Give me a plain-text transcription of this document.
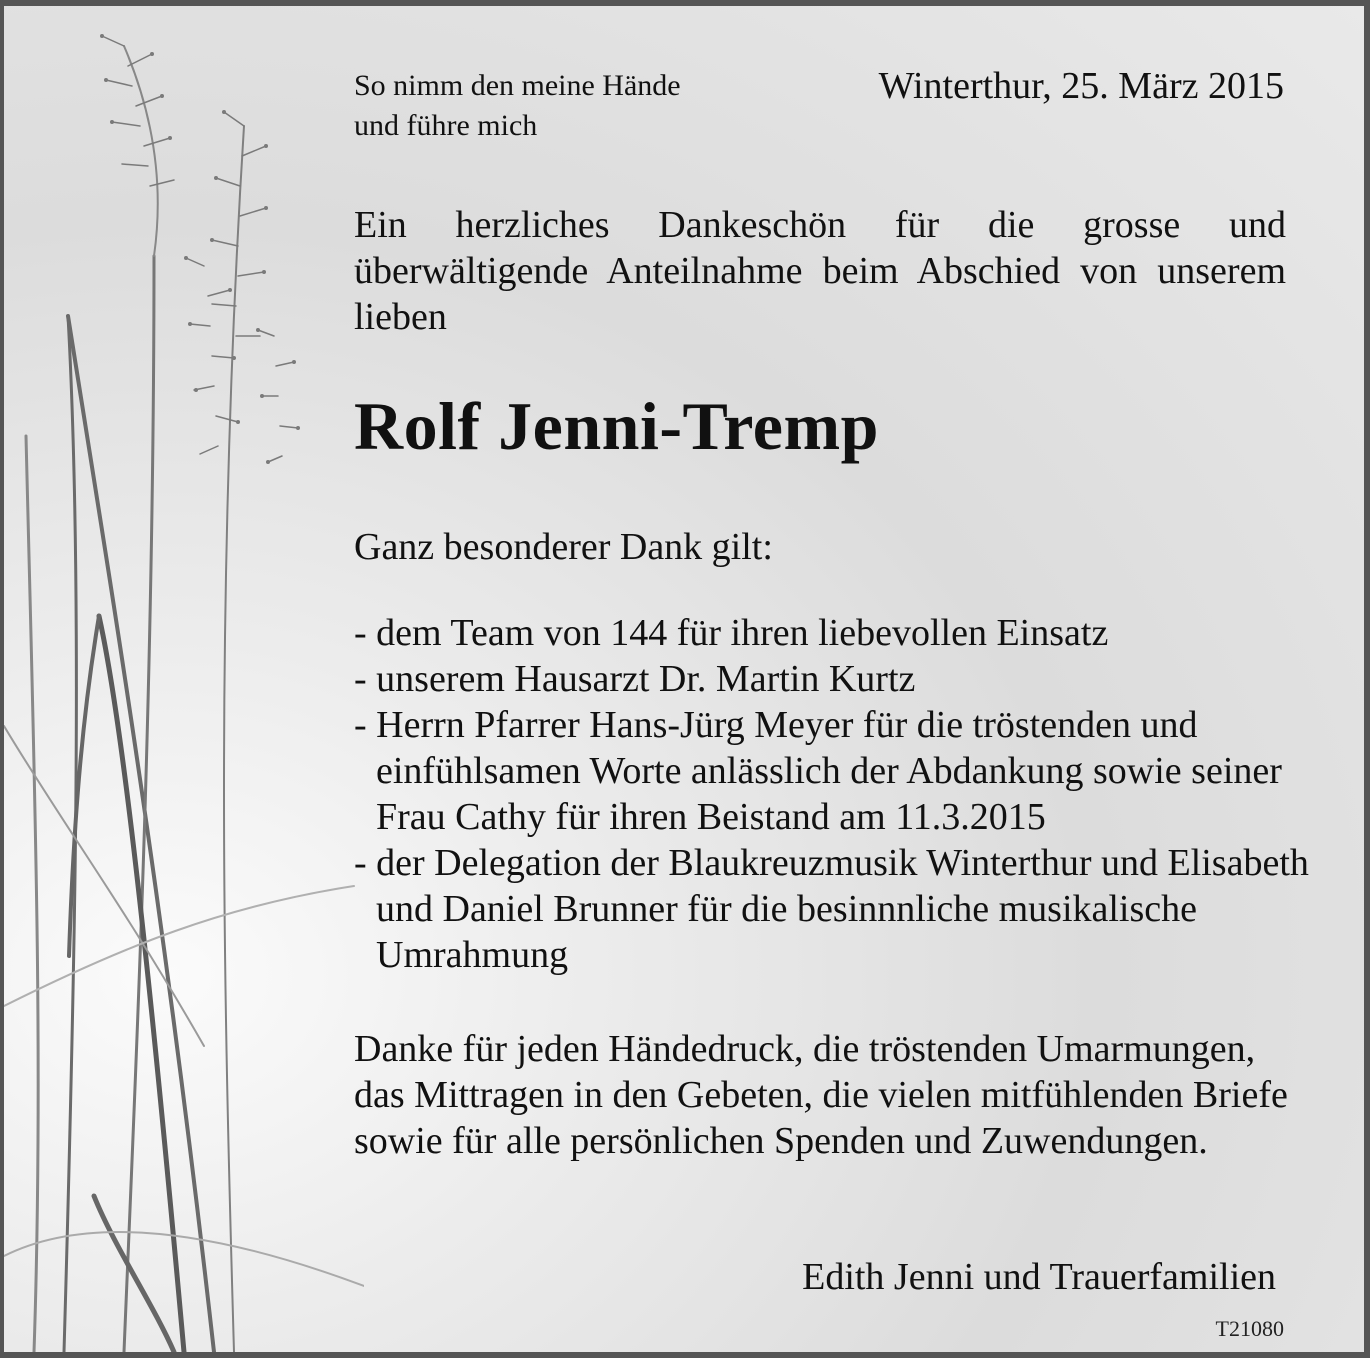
So nimm den meine Hände
und führe mich

Winterthur, 25. März 2015

Ein herzliches Dankeschön für die grosse und überwältigende Anteilnahme beim Abschied von unserem lieben

Rolf Jenni-Tremp

Ganz besonderer Dank gilt:

- dem Team von 144 für ihren liebevollen Einsatz
- unserem Hausarzt Dr. Martin Kurtz
- Herrn Pfarrer Hans-Jürg Meyer für die tröstenden und einfühlsamen Worte anlässlich der Abdankung sowie seiner Frau Cathy für ihren Beistand am 11.3.2015
- der Delegation der Blaukreuzmusik Winterthur und Elisabeth und Daniel Brunner für die besinnnliche musikalische Umrahmung

Danke für jeden Händedruck, die tröstenden Umarmungen, das Mittragen in den Gebeten, die vielen mitfühlenden Briefe sowie für alle persönlichen Spenden und Zuwendungen.

Edith Jenni und Trauerfamilien

T21080
